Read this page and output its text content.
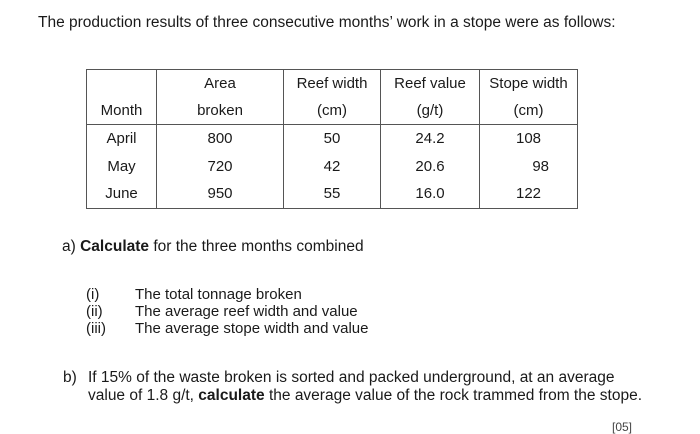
The production results of three consecutive months’ work in a stope were as follows:
	Area	Reef width	Reef value	Stope width
Month	broken	(cm)	(g/t)	(cm)
April	800	50	24.2	108
May	720	42	20.6	98
June	950	55	16.0	122
a) Calculate for the three months combined
(i)	The total tonnage broken
(ii)	The average reef width and value
(iii)	The average stope width and value
b) If 15% of the waste broken is sorted and packed underground, at an average value of 1.8 g/t, calculate the average value of the rock trammed from the stope.
[05]
